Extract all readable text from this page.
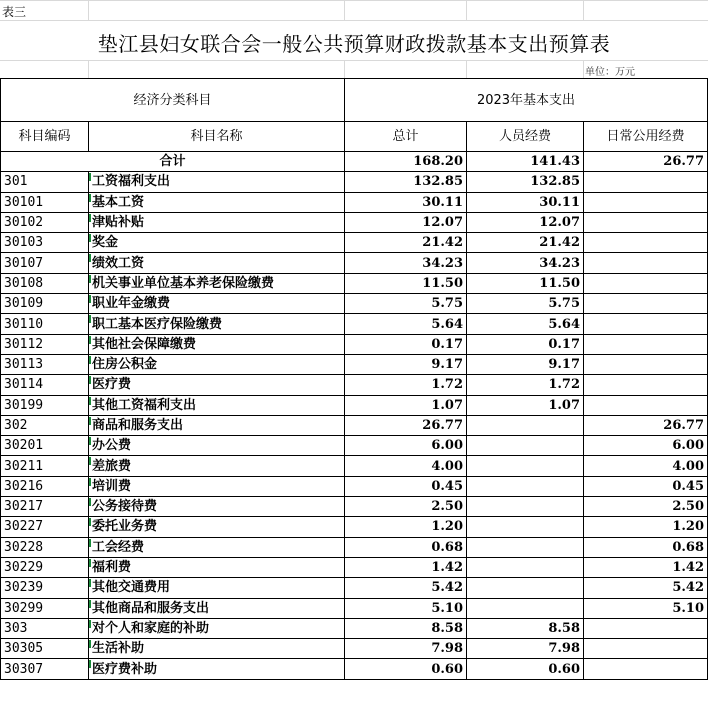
表三
垫江县妇女联合会一般公共预算财政拨款基本支出预算表
单位：万元
经济分类科目		2023年基本支出		
科目编码	科目名称	总计	人员经费	日常公用经费
合计		168.20	141.43	26.77
301	工资福利支出	132.85	132.85	
30101	基本工资	30.11	30.11	
30102	津贴补贴	12.07	12.07	
30103	奖金	21.42	21.42	
30107	绩效工资	34.23	34.23	
30108	机关事业单位基本养老保险缴费	11.50	11.50	
30109	职业年金缴费	5.75	5.75	
30110	职工基本医疗保险缴费	5.64	5.64	
30112	其他社会保障缴费	0.17	0.17	
30113	住房公积金	9.17	9.17	
30114	医疗费	1.72	1.72	
30199	其他工资福利支出	1.07	1.07	
302	商品和服务支出	26.77		26.77
30201	办公费	6.00		6.00
30211	差旅费	4.00		4.00
30216	培训费	0.45		0.45
30217	公务接待费	2.50		2.50
30227	委托业务费	1.20		1.20
30228	工会经费	0.68		0.68
30229	福利费	1.42		1.42
30239	其他交通费用	5.42		5.42
30299	其他商品和服务支出	5.10		5.10
303	对个人和家庭的补助	8.58	8.58	
30305	生活补助	7.98	7.98	
30307	医疗费补助	0.60	0.60	
